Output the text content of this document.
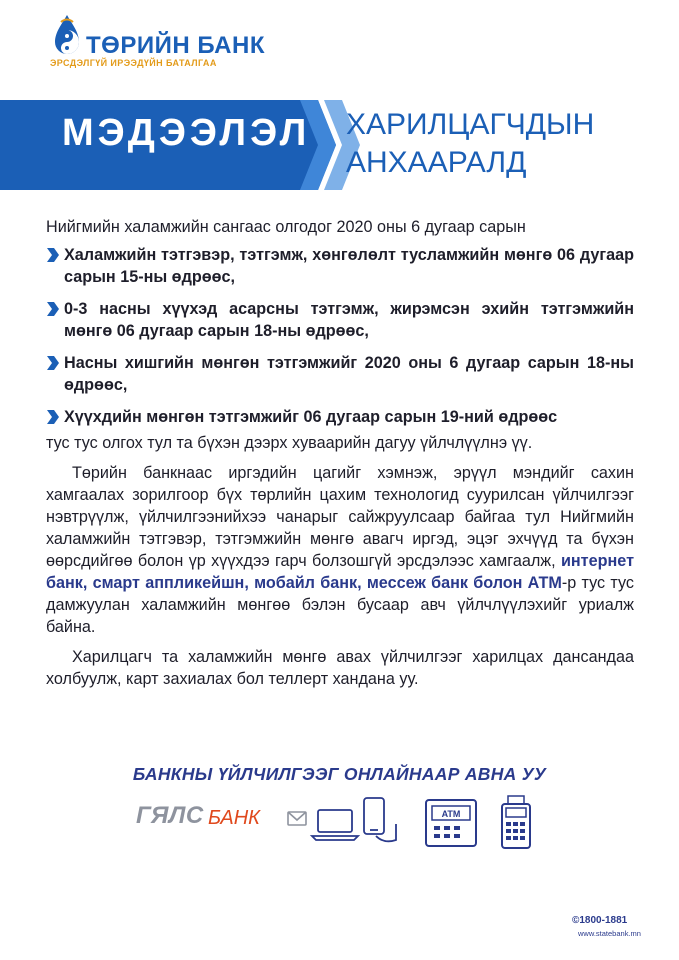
ТӨРИЙН БАНК
ЭРСДЭЛГҮЙ ИРЭЭДҮЙН БАТАЛГАА
МЭДЭЭЛЭЛ ХАРИЛЦАГЧДЫН
АНХААРАЛД

Нийгмийн халамжийн сангаас олгодог 2020 оны 6 дугаар сарын

Халамжийн тэтгэвэр, тэтгэмж, хөнгөлөлт тусламжийн мөнгө 06 дугаар сарын 15-ны өдрөөс,
0-3 насны хүүхэд асарсны тэтгэмж, жирэмсэн эхийн тэтгэмжийн мөнгө 06 дугаар сарын 18-ны өдрөөс,
Насны хишгийн мөнгөн тэтгэмжийг 2020 оны 6 дугаар сарын 18-ны өдрөөс,
Хүүхдийн мөнгөн тэтгэмжийг 06 дугаар сарын 19-ний өдрөөс

тус тус олгох тул та бүхэн дээрх хуваарийн дагуу үйлчлүүлнэ үү.

Төрийн банкнаас иргэдийн цагийг хэмнэж, эрүүл мэндийг сахин хамгаалах зорилгоор бүх төрлийн цахим технологид суурилсан үйлчилгээг нэвтрүүлж, үйлчилгээнийхээ чанарыг сайжруулсаар байгаа тул Нийгмийн халамжийн тэтгэвэр, тэтгэмжийн мөнгө авагч иргэд, эцэг эхчүүд та бүхэн өөрсдийгөө болон үр хүүхдээ гарч болзошгүй эрсдэлээс хамгаалж, интернет банк, смарт аппликейшн, мобайл банк, мессеж банк болон АТМ-р тус тус дамжуулан халамжийн мөнгөө бэлэн бусаар авч үйлчлүүлэхийг уриалж байна.

Харилцагч та халамжийн мөнгө авах үйлчилгээг харилцах дансандаа холбуулж, карт захиалах бол теллерт хандана уу.

БАНКНЫ ҮЙЛЧИЛГЭЭГ ОНЛАЙНААР АВНА УУ
ГЯЛС БАНК	ATM
©1800-1881
www.statebank.mn
